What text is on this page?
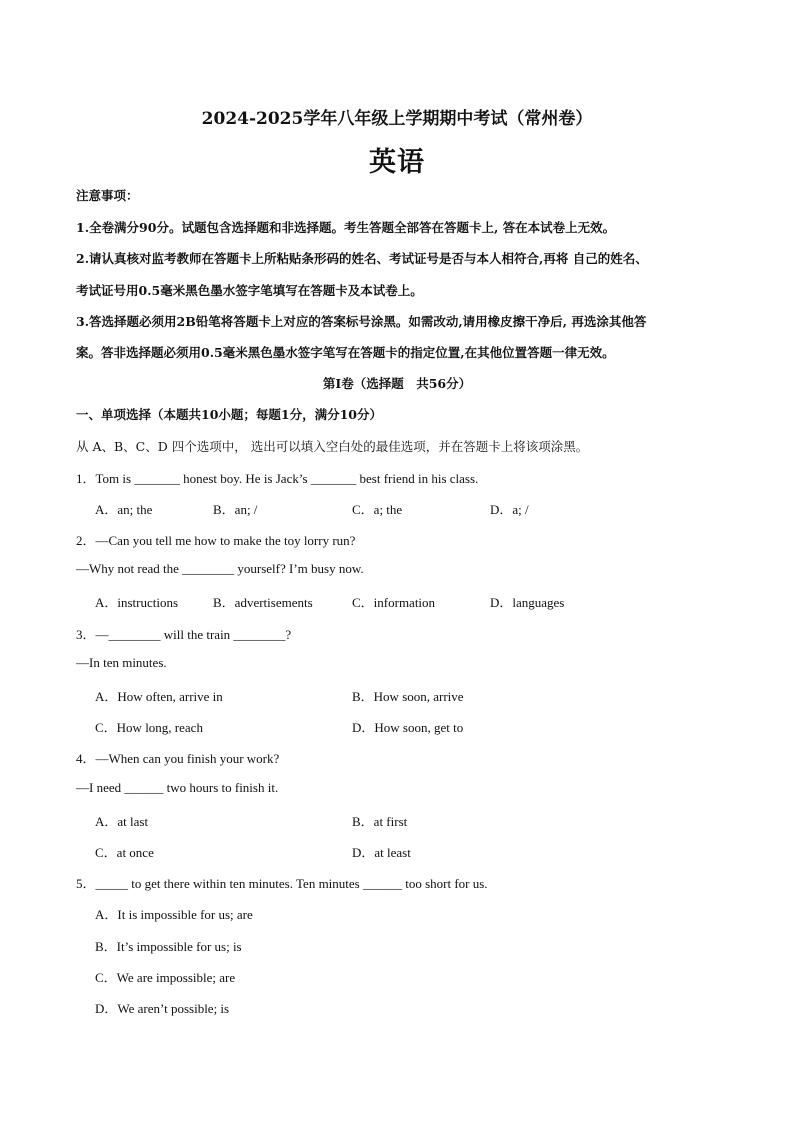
2024-2025学年八年级上学期期中考试（常州卷）
英语
注意事项：
1.全卷满分90分。试题包含选择题和非选择题。考生答题全部答在答题卡上, 答在本试卷上无效。
2.请认真核对监考教师在答题卡上所粘贴条形码的姓名、考试证号是否与本人相符合,再将 自己的姓名、
考试证号用0.5毫米黑色墨水签字笔填写在答题卡及本试卷上。
3.答选择题必须用2B铅笔将答题卡上对应的答案标号涂黑。如需改动,请用橡皮擦干净后, 再选涂其他答
案。答非选择题必须用0.5毫米黑色墨水签字笔写在答题卡的指定位置,在其他位置答题一律无效。
第I卷（选择题　共56分）
一、单项选择（本题共10小题；每题1分，满分10分）
从 A、B、C、D 四个选项中， 选出可以填入空白处的最佳选项，并在答题卡上将该项涂黑。
1．Tom is _______ honest boy. He is Jack’s _______ best friend in his class.
A．an; the	B．an; /	C．a; the	D．a; /
2．—Can you tell me how to make the toy lorry run?
—Why not read the ________ yourself? I’m busy now.
A．instructions	B．advertisements	C．information	D．languages
3．—________ will the train ________?
—In ten minutes.
A．How often, arrive in	B．How soon, arrive
C．How long, reach	D．How soon, get to
4．—When can you finish your work?
—I need ______ two hours to finish it.
A．at last	B．at first
C．at once	D．at least
5．_____ to get there within ten minutes. Ten minutes ______ too short for us.
A．It is impossible for us; are
B．It’s impossible for us; is
C．We are impossible; are
D．We aren’t possible; is
